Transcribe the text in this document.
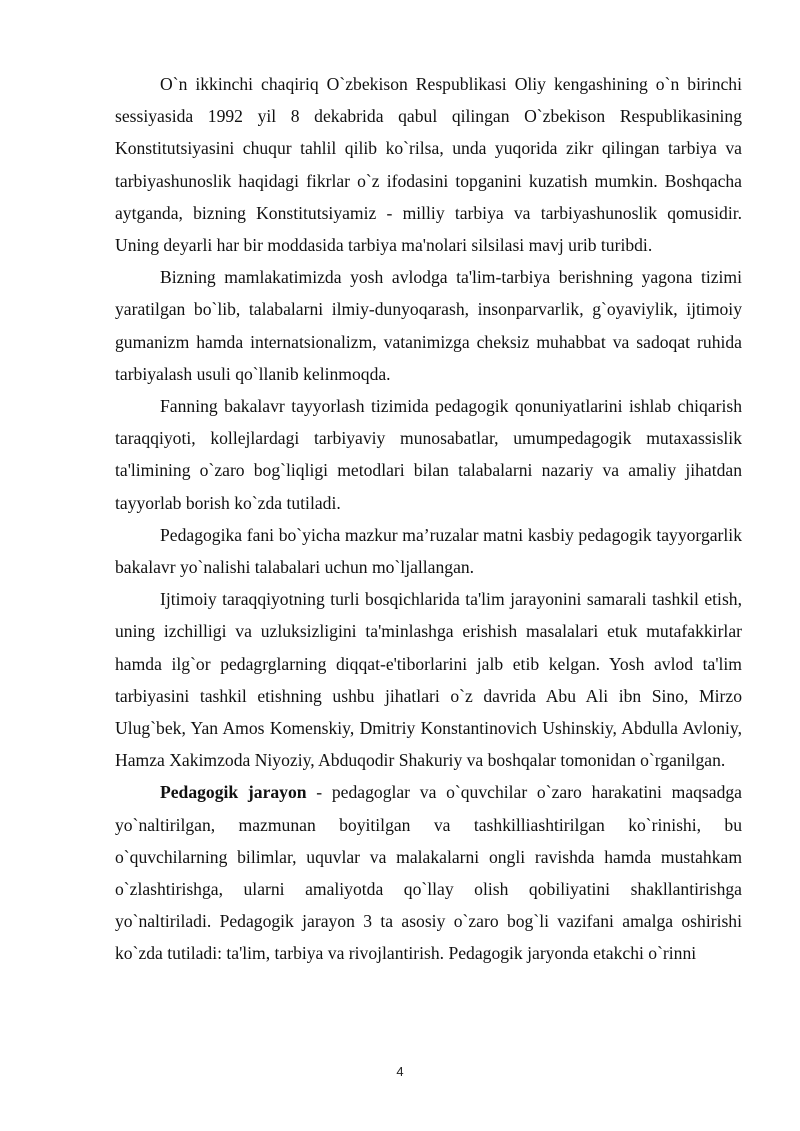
O`n ikkinchi chaqiriq O`zbekison Respublikasi Oliy kengashining o`n birinchi sessiyasida 1992 yil 8 dekabrida qabul qilingan O`zbekison Respublikasining Konstitutsiyasini chuqur tahlil qilib ko`rilsa, unda yuqorida zikr qilingan tarbiya va tarbiyashunoslik haqidagi fikrlar o`z ifodasini topganini kuzatish mumkin. Boshqacha aytganda, bizning Konstitutsiyamiz - milliy tarbiya va tarbiyashunoslik qomusidir. Uning deyarli har bir moddasida tarbiya ma'nolari silsilasi mavj urib turibdi.

Bizning mamlakatimizda yosh avlodga ta'lim-tarbiya berishning yagona tizimi yaratilgan bo`lib, talabalarni ilmiy-dunyoqarash, insonparvarlik, g`oyaviylik, ijtimoiy gumanizm hamda internatsionalizm, vatanimizga cheksiz muhabbat va sadoqat ruhida tarbiyalash usuli qo`llanib kelinmoqda.

Fanning bakalavr tayyorlash tizimida pedagogik qonuniyatlarini ishlab chiqarish taraqqiyoti, kollejlardagi tarbiyaviy munosabatlar, umumpedagogik mutaxassislik ta'limining o`zaro bog`liqligi metodlari bilan talabalarni nazariy va amaliy jihatdan tayyorlab borish ko`zda tutiladi.

Pedagogika fani bo`yicha mazkur ma’ruzalar matni kasbiy pedagogik tayyorgarlik bakalavr yo`nalishi talabalari uchun mo`ljallangan.

Ijtimoiy taraqqiyotning turli bosqichlarida ta'lim jarayonini samarali tashkil etish, uning izchilligi va uzluksizligini ta'minlashga erishish masalalari etuk mutafakkirlar hamda ilg`or pedagrglarning diqqat-e'tiborlarini jalb etib kelgan. Yosh avlod ta'lim tarbiyasini tashkil etishning ushbu jihatlari o`z davrida Abu Ali ibn Sino, Mirzo Ulug`bek, Yan Amos Komenskiy, Dmitriy Konstantinovich Ushinskiy, Abdulla Avloniy, Hamza Xakimzoda Niyoziy, Abduqodir Shakuriy va boshqalar tomonidan o`rganilgan.

Pedagogik jarayon - pedagoglar va o`quvchilar o`zaro harakatini maqsadga yo`naltirilgan, mazmunan boyitilgan va tashkilliashtirilgan ko`rinishi, bu o`quvchilarning bilimlar, uquvlar va malakalarni ongli ravishda hamda mustahkam o`zlashtirishga, ularni amaliyotda qo`llay olish qobiliyatini shakllantirishga yo`naltiriladi. Pedagogik jarayon 3 ta asosiy o`zaro bog`li vazifani amalga oshirishi ko`zda tutiladi: ta'lim, tarbiya va rivojlantirish. Pedagogik jaryonda etakchi o`rinni

4
